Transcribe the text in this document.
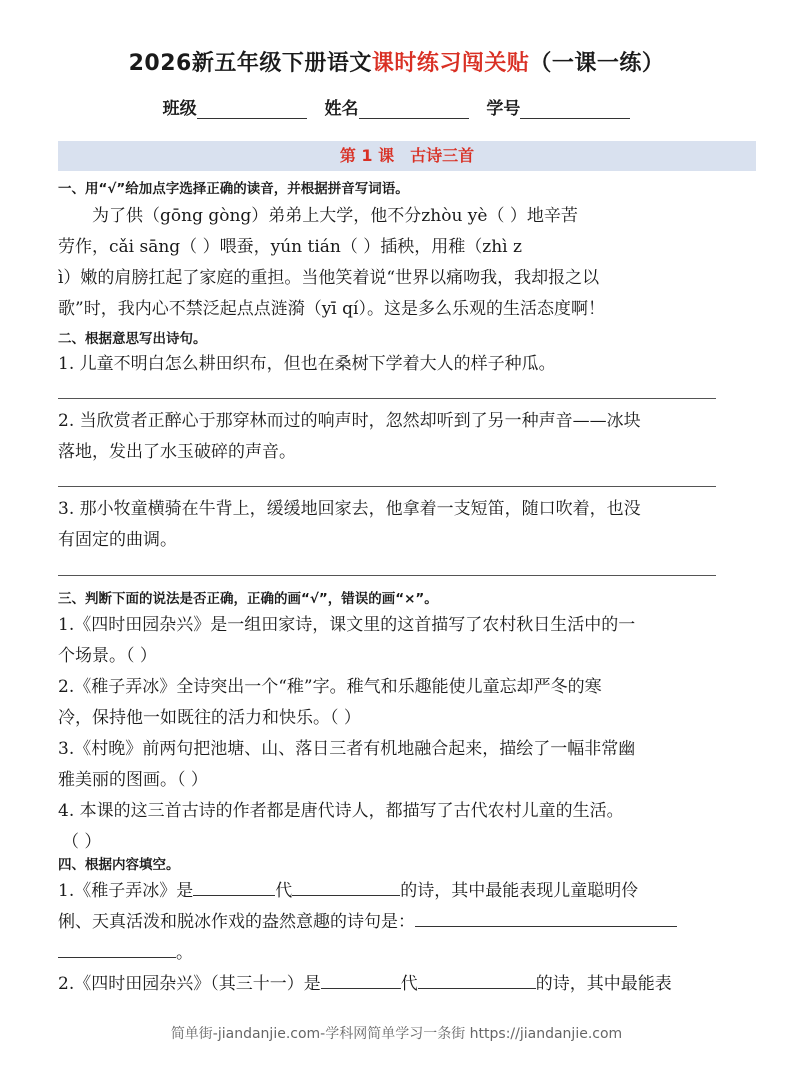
2026新五年级下册语文课时练习闯关贴（一课一练）
班级	姓名	学号
第 1 课 古诗三首
一、用“√”给加点字选择正确的读音，并根据拼音写词语。

为了供（gōng gòng）弟弟上大学，他不分zhòu yè（ ）地辛苦

劳作，cǎi sāng（ ）喂蚕，yún tián（ ）插秧，用稚（zhì z

ì）嫩的肩膀扛起了家庭的重担。当他笑着说“世界以痛吻我，我却报之以

歌”时，我内心不禁泛起点点涟漪（yī qí）。这是多么乐观的生活态度啊！

二、根据意思写出诗句。

1. 儿童不明白怎么耕田织布，但也在桑树下学着大人的样子种瓜。

2. 当欣赏者正醉心于那穿林而过的响声时，忽然却听到了另一种声音——冰块

落地，发出了水玉破碎的声音。

3. 那小牧童横骑在牛背上，缓缓地回家去，他拿着一支短笛，随口吹着，也没

有固定的曲调。

三、判断下面的说法是否正确，正确的画“√”，错误的画“×”。

1.《四时田园杂兴》是一组田家诗，课文里的这首描写了农村秋日生活中的一

个场景。（ ）

2.《稚子弄冰》全诗突出一个“稚”字。稚气和乐趣能使儿童忘却严冬的寒

冷，保持他一如既往的活力和快乐。（ ）

3.《村晚》前两句把池塘、山、落日三者有机地融合起来，描绘了一幅非常幽

雅美丽的图画。（ ）

4. 本课的这三首古诗的作者都是唐代诗人，都描写了古代农村儿童的生活。

（ ）

四、根据内容填空。

1.《稚子弄冰》是	代	的诗，其中最能表现儿童聪明伶

俐、天真活泼和脱冰作戏的盎然意趣的诗句是：

。

2.《四时田园杂兴》（其三十一）是	代	的诗，其中最能表

简单街-jiandanjie.com-学科网简单学习一条街 https://jiandanjie.com
